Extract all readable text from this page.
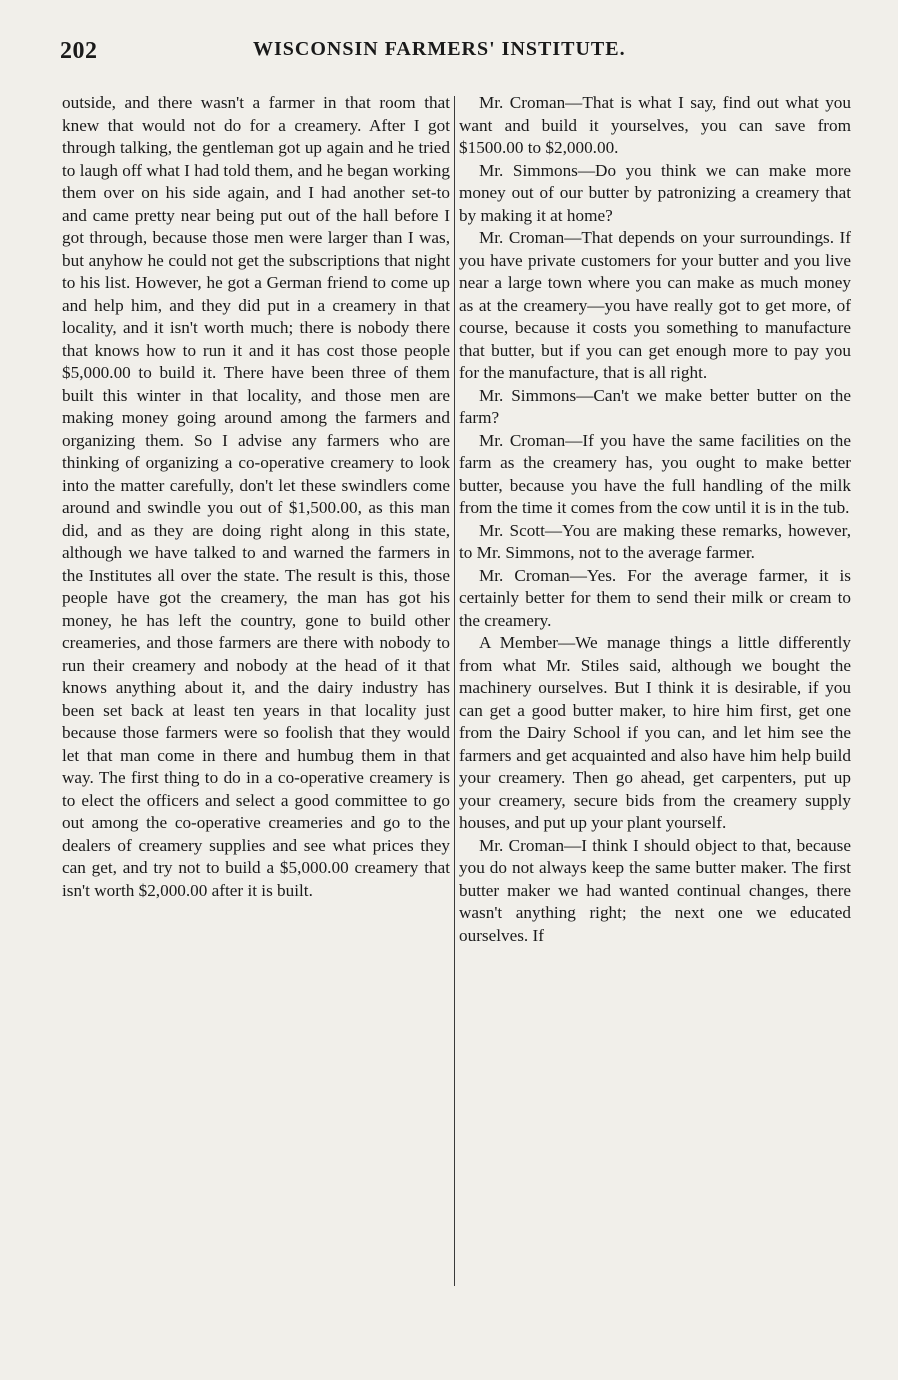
202	WISCONSIN FARMERS' INSTITUTE.

outside, and there wasn't a farmer in that room that knew that would not do for a creamery. After I got through talking, the gentleman got up again and he tried to laugh off what I had told them, and he began working them over on his side again, and I had another set-to and came pretty near being put out of the hall before I got through, because those men were larger than I was, but anyhow he could not get the subscriptions that night to his list. However, he got a German friend to come up and help him, and they did put in a creamery in that locality, and it isn't worth much; there is nobody there that knows how to run it and it has cost those people $5,000.00 to build it. There have been three of them built this winter in that locality, and those men are making money going around among the farmers and organizing them. So I advise any farmers who are thinking of organizing a co-operative creamery to look into the matter carefully, don't let these swindlers come around and swindle you out of $1,500.00, as this man did, and as they are doing right along in this state, although we have talked to and warned the farmers in the Institutes all over the state. The result is this, those people have got the creamery, the man has got his money, he has left the country, gone to build other creameries, and those farmers are there with nobody to run their creamery and nobody at the head of it that knows anything about it, and the dairy industry has been set back at least ten years in that locality just because those farmers were so foolish that they would let that man come in there and humbug them in that way. The first thing to do in a co-operative creamery is to elect the officers and select a good committee to go out among the co-operative creameries and go to the dealers of creamery supplies and see what prices they can get, and try not to build a $5,000.00 creamery that isn't worth $2,000.00 after it is built.

Mr. Croman—That is what I say, find out what you want and build it yourselves, you can save from $1500.00 to $2,000.00.

Mr. Simmons—Do you think we can make more money out of our butter by patronizing a creamery that by making it at home?

Mr. Croman—That depends on your surroundings. If you have private customers for your butter and you live near a large town where you can make as much money as at the creamery—you have really got to get more, of course, because it costs you something to manufacture that butter, but if you can get enough more to pay you for the manufacture, that is all right.

Mr. Simmons—Can't we make better butter on the farm?

Mr. Croman—If you have the same facilities on the farm as the creamery has, you ought to make better butter, because you have the full handling of the milk from the time it comes from the cow until it is in the tub.

Mr. Scott—You are making these remarks, however, to Mr. Simmons, not to the average farmer.

Mr. Croman—Yes. For the average farmer, it is certainly better for them to send their milk or cream to the creamery.

A Member—We manage things a little differently from what Mr. Stiles said, although we bought the machinery ourselves. But I think it is desirable, if you can get a good butter maker, to hire him first, get one from the Dairy School if you can, and let him see the farmers and get acquainted and also have him help build your creamery. Then go ahead, get carpenters, put up your creamery, secure bids from the creamery supply houses, and put up your plant yourself.

Mr. Croman—I think I should object to that, because you do not always keep the same butter maker. The first butter maker we had wanted continual changes, there wasn't anything right; the next one we educated ourselves. If
